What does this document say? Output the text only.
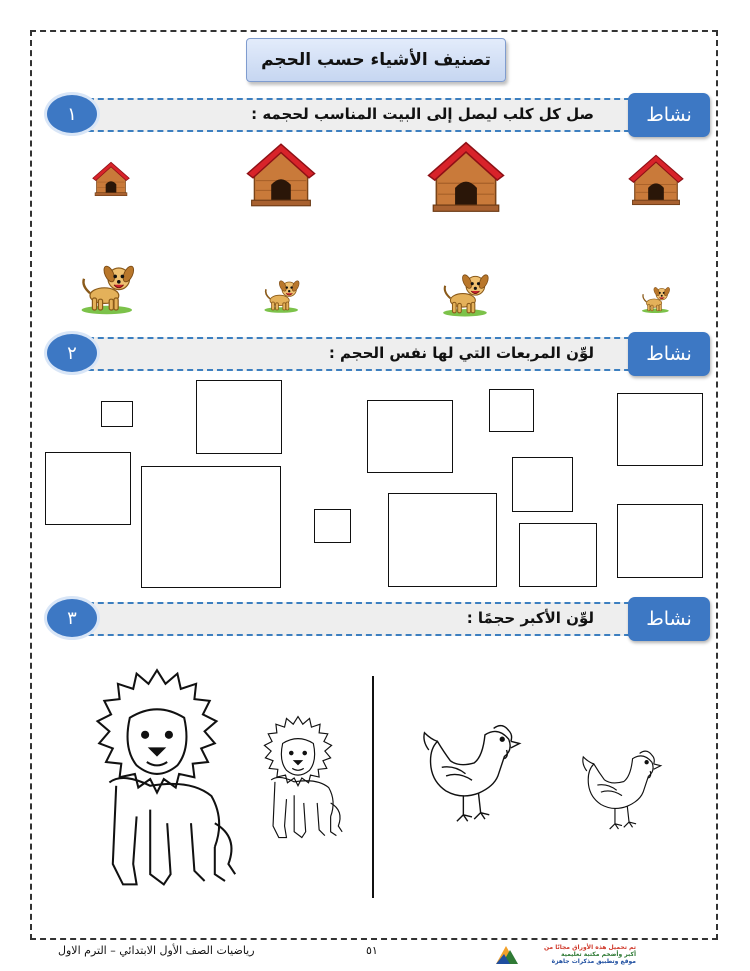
تصنيف الأشياء حسب الحجم
صل كل كلب ليصل إلى البيت المناسب لحجمه :	نشاط
١
لوِّن المربعات التي لها نفس الحجم :	نشاط
٢
لوِّن الأكبر حجمًا :	نشاط
٣
رياضيات الصف الأول الابتدائي – الترم الاول	٥١	تم تحميل هذه الأوراق مجانًا من
أكبر وأضخم مكتبة تعليمية
موقع وتطبيق مذكرات جاهزة
